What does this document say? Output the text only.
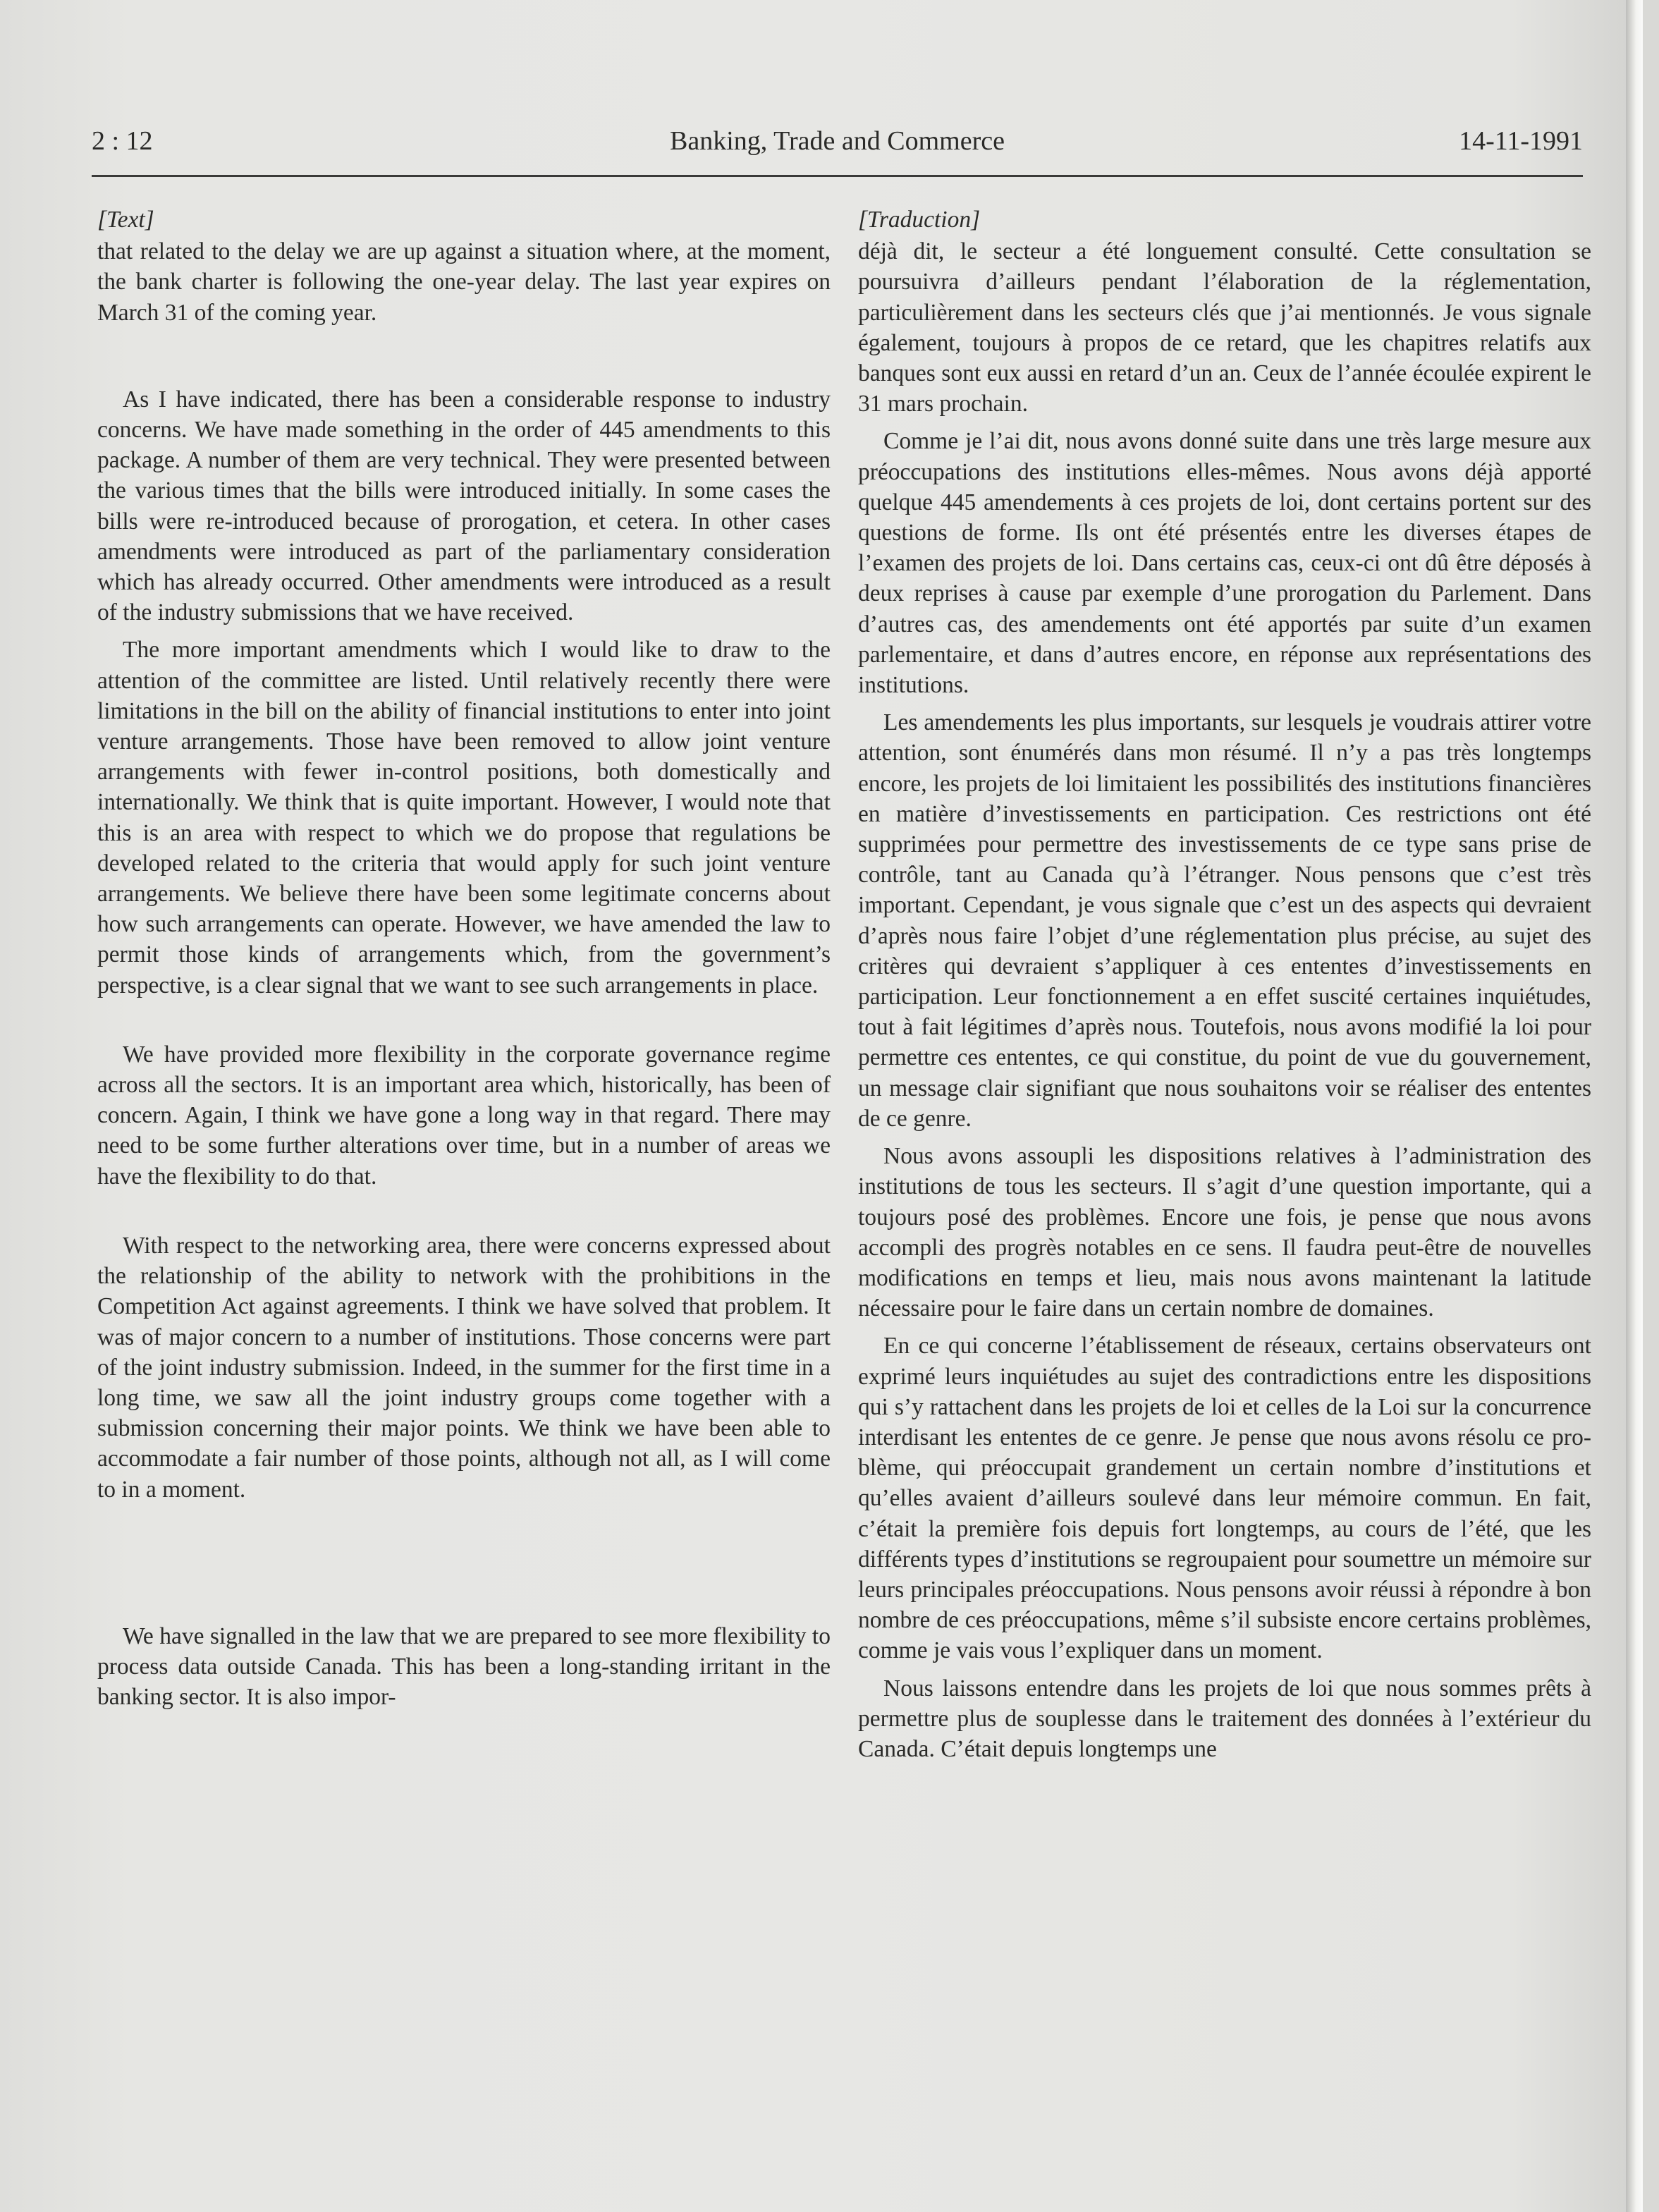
2 : 12	Banking, Trade and Commerce	14-11-1991
[Text]

that related to the delay we are up against a situation where, at the moment, the bank charter is following the one-year delay. The last year expires on March 31 of the coming year.

As I have indicated, there has been a considerable response to industry concerns. We have made something in the order of 445 amendments to this package. A number of them are very technical. They were presented between the various times that the bills were introduced initially. In some cases the bills were re-introduced because of prorogation, et cetera. In other cases amendments were introduced as part of the parliamentary consideration which has already occurred. Other amendments were introduced as a result of the industry submissions that we have received.

The more important amendments which I would like to draw to the attention of the committee are listed. Until relatively recently there were limitations in the bill on the ability of financial institutions to enter into joint venture arrangements. Those have been removed to allow joint venture arrangements with fewer in-control positions, both domestically and internationally. We think that is quite important. However, I would note that this is an area with respect to which we do propose that regulations be developed related to the criteria that would apply for such joint venture arrangements. We believe there have been some legitimate concerns about how such arrangements can operate. However, we have amended the law to permit those kinds of arrangements which, from the government’s perspective, is a clear signal that we want to see such arrangements in place.

We have provided more flexibility in the corporate governance regime across all the sectors. It is an important area which, historically, has been of concern. Again, I think we have gone a long way in that regard. There may need to be some further alterations over time, but in a number of areas we have the flexibility to do that.

With respect to the networking area, there were concerns expressed about the relationship of the ability to network with the prohibitions in the Competition Act against agreements. I think we have solved that problem. It was of major concern to a number of institutions. Those concerns were part of the joint industry submission. Indeed, in the summer for the first time in a long time, we saw all the joint industry groups come together with a submission concerning their major points. We think we have been able to accommodate a fair number of those points, although not all, as I will come to in a moment.

We have signalled in the law that we are prepared to see more flexibility to process data outside Canada. This has been a long-standing irritant in the banking sector. It is also impor-

[Traduction]

déjà dit, le secteur a été longuement consulté. Cette consultation se poursuivra d’ailleurs pendant l’élaboration de la réglementation, particulièrement dans les secteurs clés que j’ai mentionnés. Je vous signale également, toujours à propos de ce retard, que les chapitres relatifs aux banques sont eux aussi en retard d’un an. Ceux de l’année écoulée expirent le 31 mars prochain.

Comme je l’ai dit, nous avons donné suite dans une très large mesure aux préoccupations des institutions elles-mêmes. Nous avons déjà apporté quelque 445 amendements à ces projets de loi, dont certains portent sur des questions de forme. Ils ont été présentés entre les diverses étapes de l’examen des projets de loi. Dans certains cas, ceux-ci ont dû être déposés à deux reprises à cause par exemple d’une prorogation du Parlement. Dans d’autres cas, des amendements ont été apportés par suite d’un examen parlementaire, et dans d’autres encore, en réponse aux représentations des institutions.

Les amendements les plus importants, sur lesquels je voudrais attirer votre attention, sont énumérés dans mon résumé. Il n’y a pas très longtemps encore, les projets de loi limitaient les possibilités des institutions financières en matière d’investissements en participation. Ces restrictions ont été supprimées pour permettre des investissements de ce type sans prise de contrôle, tant au Canada qu’à l’étranger. Nous pensons que c’est très important. Cependant, je vous signale que c’est un des aspects qui devraient d’après nous faire l’objet d’une réglementation plus précise, au sujet des critères qui devraient s’appliquer à ces ententes d’investissements en participation. Leur fonctionnement a en effet suscité certaines inquiétudes, tout à fait légitimes d’après nous. Toutefois, nous avons modifié la loi pour permettre ces ententes, ce qui constitue, du point de vue du gouvernement, un message clair signifiant que nous souhaitons voir se réaliser des ententes de ce genre.

Nous avons assoupli les dispositions relatives à l’administration des institutions de tous les secteurs. Il s’agit d’une question importante, qui a toujours posé des problèmes. Encore une fois, je pense que nous avons accompli des progrès notables en ce sens. Il faudra peut-être de nouvelles modifications en temps et lieu, mais nous avons maintenant la latitude nécessaire pour le faire dans un certain nombre de domaines.

En ce qui concerne l’établissement de réseaux, certains observateurs ont exprimé leurs inquiétudes au sujet des contradictions entre les dispositions qui s’y rattachent dans les projets de loi et celles de la Loi sur la concurrence interdisant les ententes de ce genre. Je pense que nous avons résolu ce problème, qui préoccupait grandement un certain nombre d’institutions et qu’elles avaient d’ailleurs soulevé dans leur mémoire commun. En fait, c’était la première fois depuis fort longtemps, au cours de l’été, que les différents types d’institutions se regroupaient pour soumettre un mémoire sur leurs principales préoccupations. Nous pensons avoir réussi à répondre à bon nombre de ces préoccupations, même s’il subsiste encore certains problèmes, comme je vais vous l’expliquer dans un moment.

Nous laissons entendre dans les projets de loi que nous sommes prêts à permettre plus de souplesse dans le traitement des données à l’extérieur du Canada. C’était depuis longtemps une
